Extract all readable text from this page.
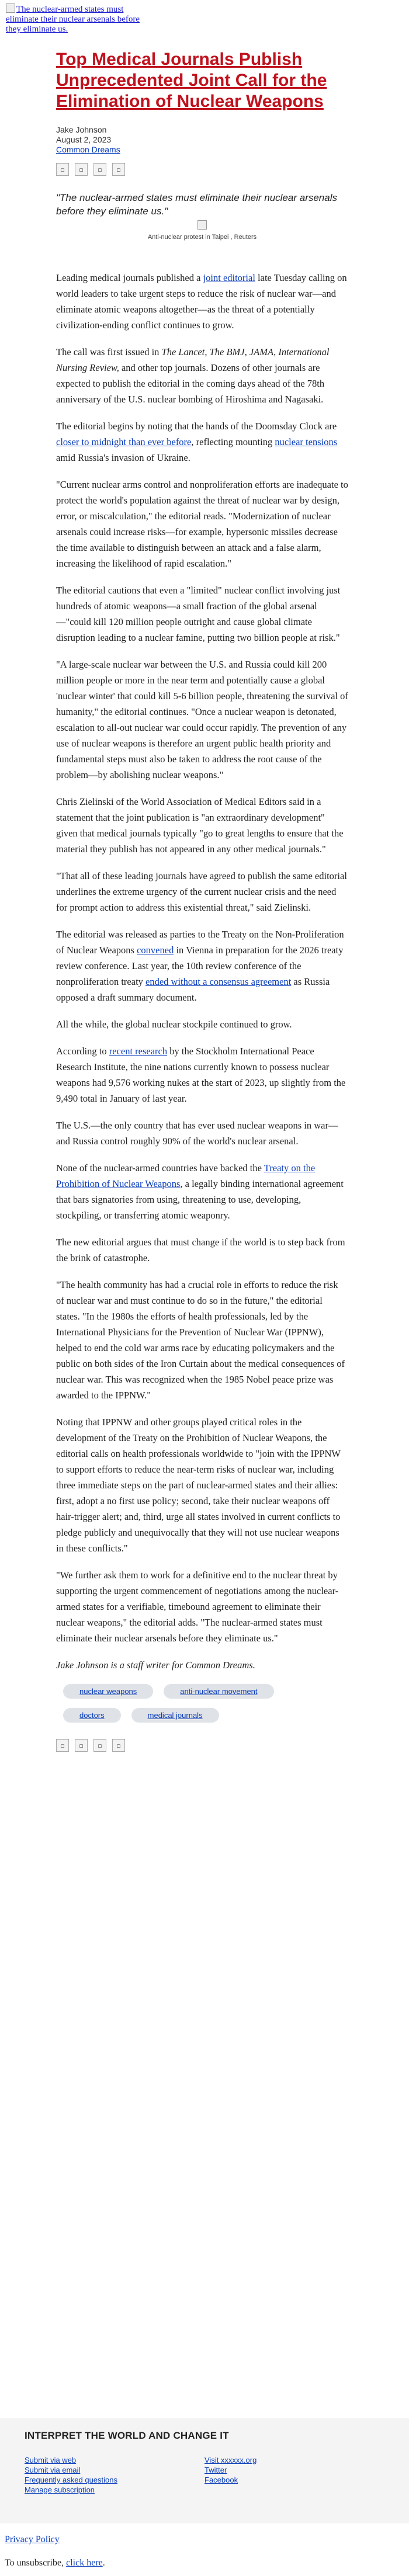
The nuclear-armed states must eliminate their nuclear arsenals before they eliminate us.
Top Medical Journals Publish Unprecedented Joint Call for the Elimination of Nuclear Weapons
Jake Johnson
August 2, 2023
Common Dreams
▫	▫	▫	▫
"The nuclear-armed states must eliminate their nuclear arsenals before they eliminate us."
Anti-nuclear protest in Taipei , Reuters

Leading medical journals published a joint editorial late Tuesday calling on world leaders to take urgent steps to reduce the risk of nuclear war—and eliminate atomic weapons altogether—as the threat of a potentially civilization-ending conflict continues to grow.

The call was first issued in The Lancet, The BMJ, JAMA, International Nursing Review, and other top journals. Dozens of other journals are expected to publish the editorial in the coming days ahead of the 78th anniversary of the U.S. nuclear bombing of Hiroshima and Nagasaki.

The editorial begins by noting that the hands of the Doomsday Clock are closer to midnight than ever before, reflecting mounting nuclear tensions amid Russia's invasion of Ukraine.

"Current nuclear arms control and nonproliferation efforts are inadequate to protect the world's population against the threat of nuclear war by design, error, or miscalculation," the editorial reads. "Modernization of nuclear arsenals could increase risks—for example, hypersonic missiles decrease the time available to distinguish between an attack and a false alarm, increasing the likelihood of rapid escalation."

The editorial cautions that even a "limited" nuclear conflict involving just hundreds of atomic weapons—a small fraction of the global arsenal—"could kill 120 million people outright and cause global climate disruption leading to a nuclear famine, putting two billion people at risk."

"A large-scale nuclear war between the U.S. and Russia could kill 200 million people or more in the near term and potentially cause a global 'nuclear winter' that could kill 5-6 billion people, threatening the survival of humanity," the editorial continues. "Once a nuclear weapon is detonated, escalation to all-out nuclear war could occur rapidly. The prevention of any use of nuclear weapons is therefore an urgent public health priority and fundamental steps must also be taken to address the root cause of the problem—by abolishing nuclear weapons."

Chris Zielinski of the World Association of Medical Editors said in a statement that the joint publication is "an extraordinary development" given that medical journals typically "go to great lengths to ensure that the material they publish has not appeared in any other medical journals."

"That all of these leading journals have agreed to publish the same editorial underlines the extreme urgency of the current nuclear crisis and the need for prompt action to address this existential threat," said Zielinski.

The editorial was released as parties to the Treaty on the Non-Proliferation of Nuclear Weapons convened in Vienna in preparation for the 2026 treaty review conference. Last year, the 10th review conference of the nonproliferation treaty ended without a consensus agreement as Russia opposed a draft summary document.

All the while, the global nuclear stockpile continued to grow.

According to recent research by the Stockholm International Peace Research Institute, the nine nations currently known to possess nuclear weapons had 9,576 working nukes at the start of 2023, up slightly from the 9,490 total in January of last year.

The U.S.—the only country that has ever used nuclear weapons in war—and Russia control roughly 90% of the world's nuclear arsenal.

None of the nuclear-armed countries have backed the Treaty on the Prohibition of Nuclear Weapons, a legally binding international agreement that bars signatories from using, threatening to use, developing, stockpiling, or transferring atomic weaponry.

The new editorial argues that must change if the world is to step back from the brink of catastrophe.

"The health community has had a crucial role in efforts to reduce the risk of nuclear war and must continue to do so in the future," the editorial states. "In the 1980s the efforts of health professionals, led by the International Physicians for the Prevention of Nuclear War (IPPNW), helped to end the cold war arms race by educating policymakers and the public on both sides of the Iron Curtain about the medical consequences of nuclear war. This was recognized when the 1985 Nobel peace prize was awarded to the IPPNW."

Noting that IPPNW and other groups played critical roles in the development of the Treaty on the Prohibition of Nuclear Weapons, the editorial calls on health professionals worldwide to "join with the IPPNW to support efforts to reduce the near-term risks of nuclear war, including three immediate steps on the part of nuclear-armed states and their allies: first, adopt a no first use policy; second, take their nuclear weapons off hair-trigger alert; and, third, urge all states involved in current conflicts to pledge publicly and unequivocally that they will not use nuclear weapons in these conflicts."

"We further ask them to work for a definitive end to the nuclear threat by supporting the urgent commencement of negotiations among the nuclear-armed states for a verifiable, timebound agreement to eliminate their nuclear weapons," the editorial adds. "The nuclear-armed states must eliminate their nuclear arsenals before they eliminate us."

Jake Johnson is a staff writer for Common Dreams.

nuclear weapons	anti-nuclear movement
doctors	medical journals
▫	▫	▫	▫
INTERPRET THE WORLD AND CHANGE IT
Submit via web
Submit via email
Frequently asked questions
Manage subscription
Visit xxxxxx.org
Twitter
Facebook
Privacy Policy
To unsubscribe, click here.
